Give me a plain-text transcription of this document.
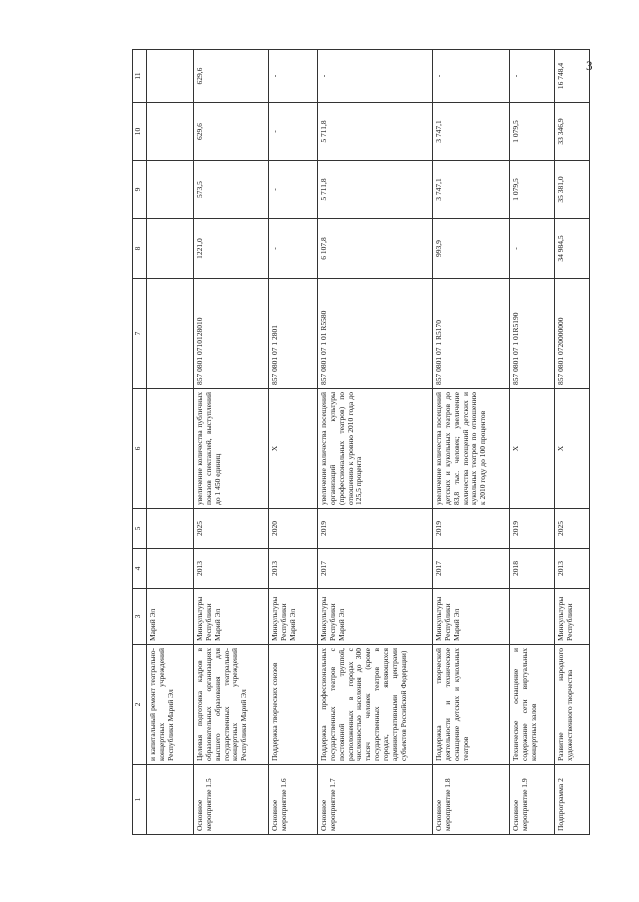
3
1	2	3	4	5	6	7	8	9	10	11
	и капитальный ремонт театрально-концертных учреждений Республики Марий Эл	Марий Эл								
Основное мероприятие 1.5	Целевая подготовка кадров в образовательных организациях высшего образования для государственных театрально-концертных учреждений Республики Марий Эл	Минкультуры Республики Марий Эл	2013	2025	увеличение количества публичных показов спектаклей, выступлений до 1 450 единиц	857 0801 0710128010	1221,0	573,5	629,6	629,6
Основное мероприятие 1.6	Поддержка творческих союзов	Минкультуры Республики Марий Эл	2013	2020	Х	857 0801 07 1 2801	-	-	-	-
Основное мероприятие 1.7	Поддержка профессиональных государственных театров с постоянной труппой, расположенных в городах с численностью населения до 300 тысяч человек (кроме государственных театров в городах, являющихся административными центрами субъектов Российской Федерации)	Минкультуры Республики Марий Эл	2017	2019	увеличение количества посещений организаций культуры (профессиональных театров) по отношению к уровню 2010 года до 125,5 процента	857 0801 07 1 01 R5580	6 107,8	5 711,8	5 711,8	-
Основное мероприятие 1.8	Поддержка творческой деятельности и техническое оснащение детских и кукольных театров	Минкультуры Республики Марий Эл	2017	2019	увеличение количества посещений детских и кукольных театров до 83,8 тыс. человек; увеличение количества посещений детских и кукольных театров по отношению к 2010 году до 100 процентов	857 0801 07 1 R5170	993,9	3 747,1	3 747,1	-
Основное мероприятие 1.9	Техническое оснащение и содержание сети виртуальных концертных залов		2018	2019	Х	857 0801 07 1 01R5190	-	1 079,5	1 079,5	-
Подпрограмма 2	Развитие народного художественного творчества	Минкультуры Республики	2013	2025	Х	857 0801 0720000000	34 984,5	35 381,0	33 346,9	16 748,4
